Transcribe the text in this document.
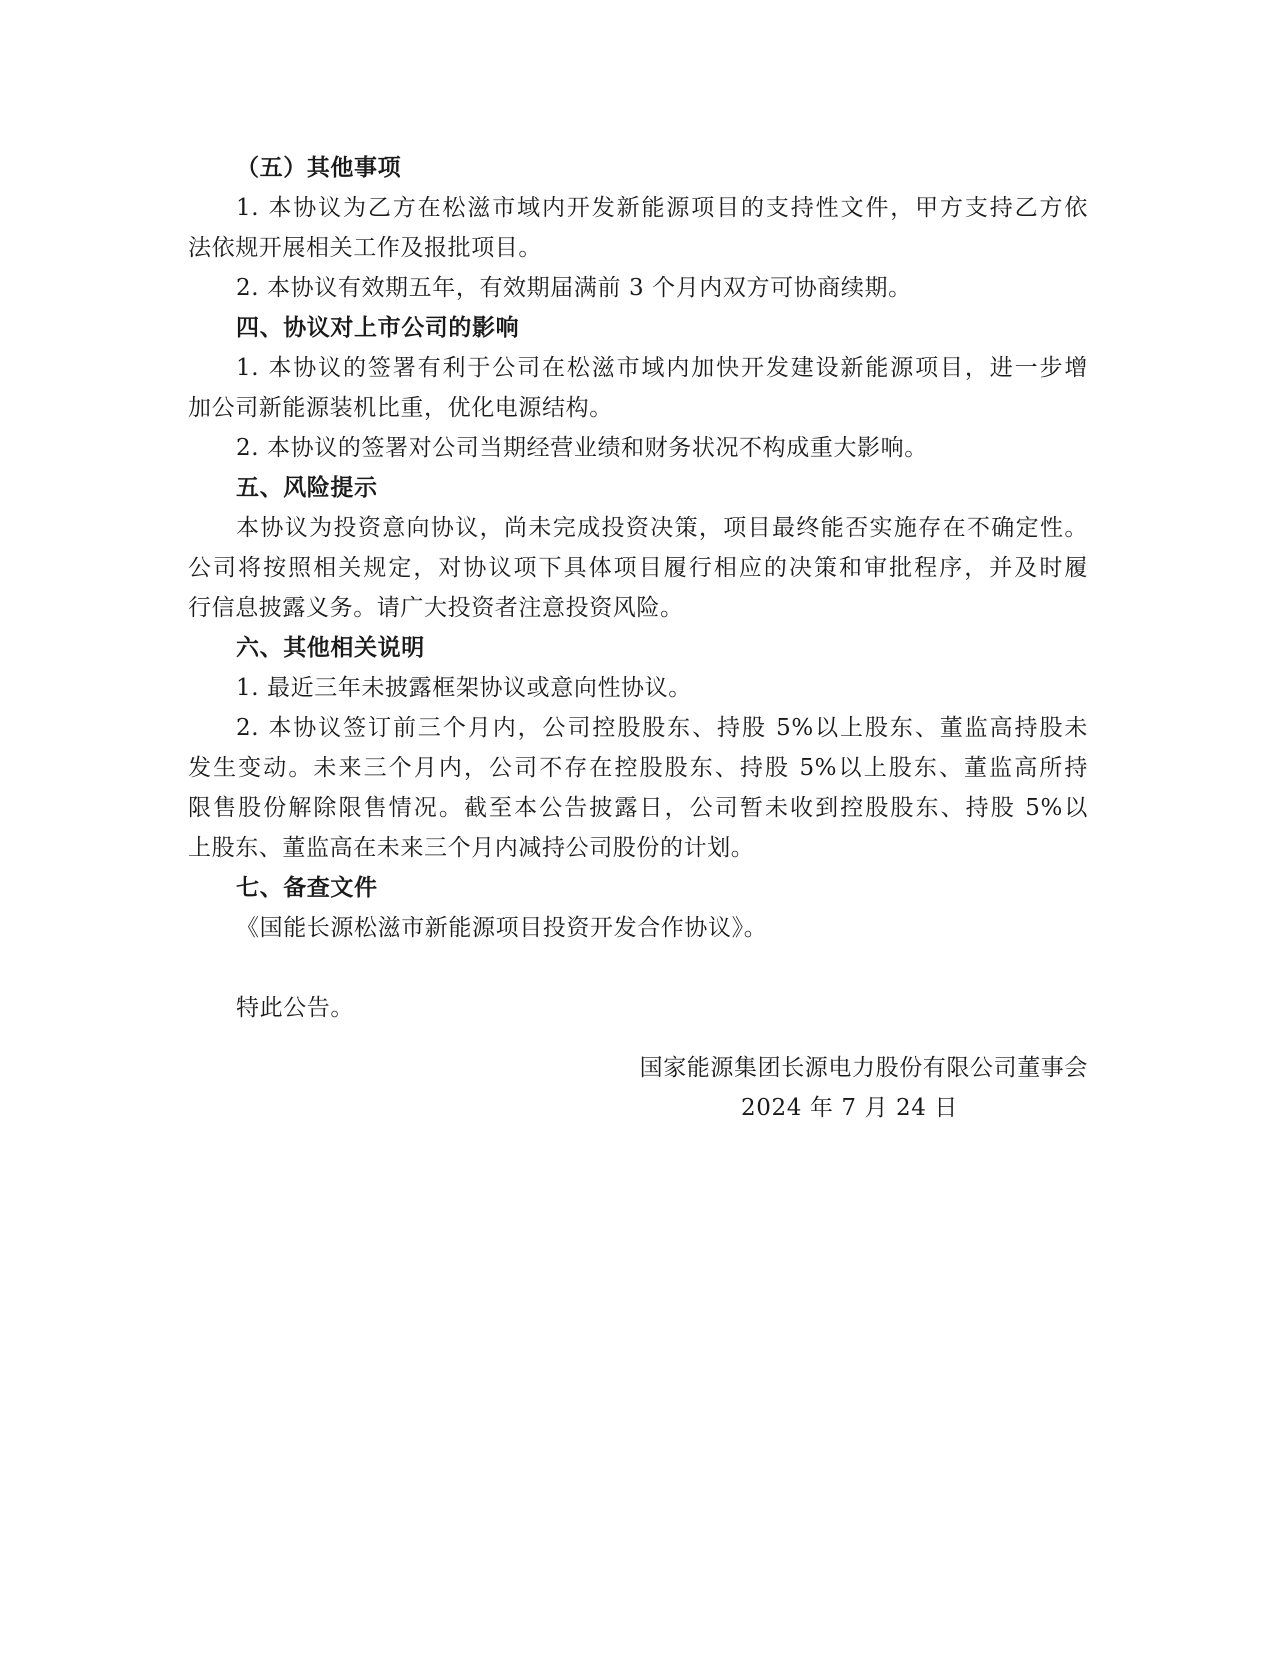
（五）其他事项
1. 本协议为乙方在松滋市域内开发新能源项目的支持性文件，甲方支持乙方依
法依规开展相关工作及报批项目。
2. 本协议有效期五年，有效期届满前 3 个月内双方可协商续期。
四、协议对上市公司的影响
1. 本协议的签署有利于公司在松滋市域内加快开发建设新能源项目，进一步增
加公司新能源装机比重，优化电源结构。
2. 本协议的签署对公司当期经营业绩和财务状况不构成重大影响。
五、风险提示
本协议为投资意向协议，尚未完成投资决策，项目最终能否实施存在不确定性。
公司将按照相关规定，对协议项下具体项目履行相应的决策和审批程序，并及时履
行信息披露义务。请广大投资者注意投资风险。
六、其他相关说明
1. 最近三年未披露框架协议或意向性协议。
2. 本协议签订前三个月内，公司控股股东、持股 5%以上股东、董监高持股未
发生变动。未来三个月内，公司不存在控股股东、持股 5%以上股东、董监高所持
限售股份解除限售情况。截至本公告披露日，公司暂未收到控股股东、持股 5%以
上股东、董监高在未来三个月内减持公司股份的计划。
七、备查文件
《国能长源松滋市新能源项目投资开发合作协议》。
特此公告。
国家能源集团长源电力股份有限公司董事会
2024 年 7 月 24 日
